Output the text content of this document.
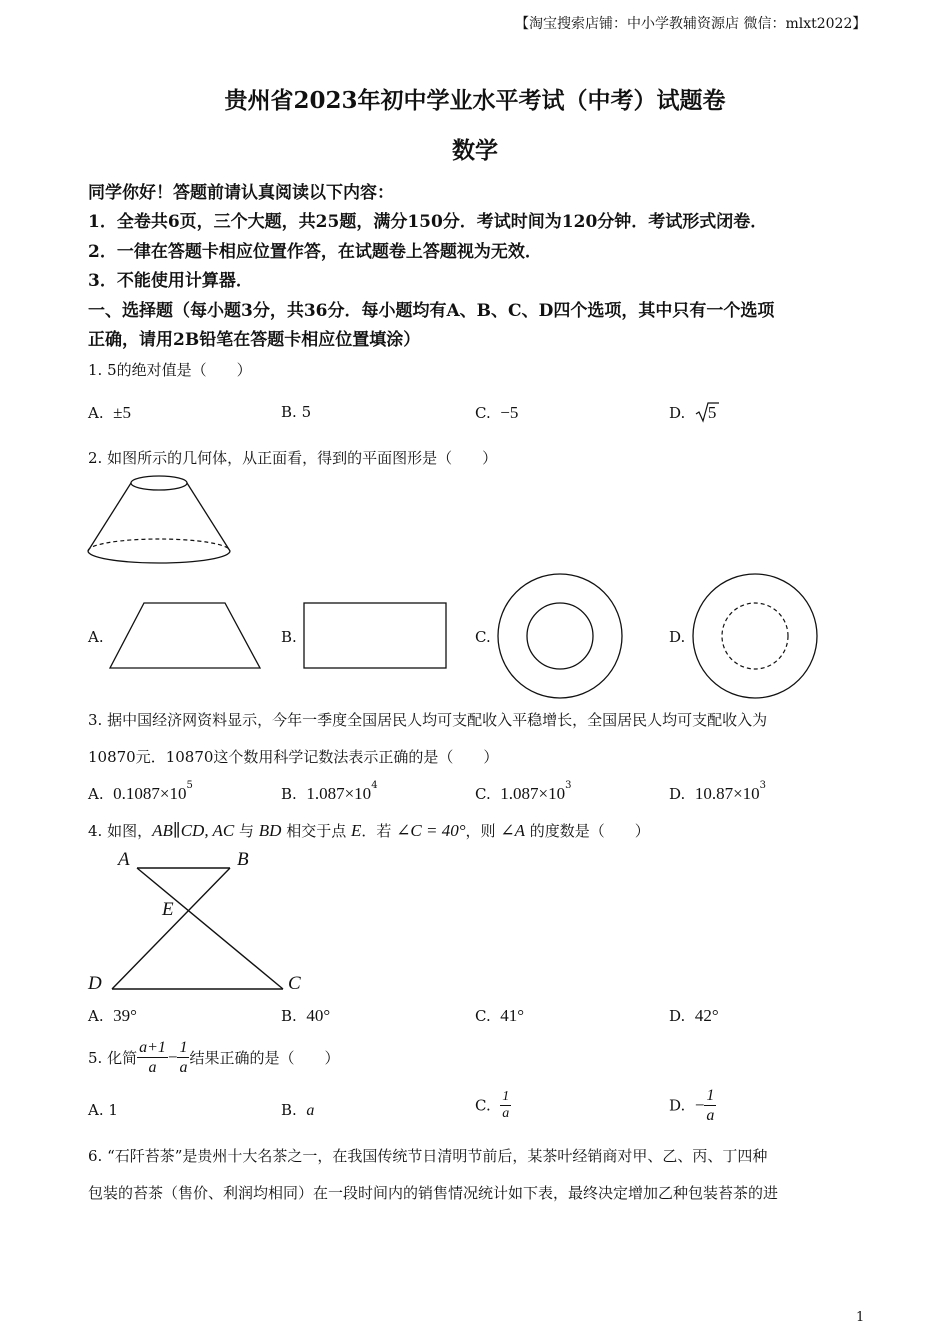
【淘宝搜索店铺：中小学教辅资源店 微信：mlxt2022】
贵州省2023年初中学业水平考试（中考）试题卷
数学
同学你好！答题前请认真阅读以下内容：
1．全卷共6页，三个大题，共25题，满分150分．考试时间为120分钟．考试形式闭卷．
2．一律在答题卡相应位置作答，在试题卷上答题视为无效．
3．不能使用计算器．
一、选择题（每小题3分，共36分．每小题均有A、B、C、D四个选项，其中只有一个选项
正确，请用2B铅笔在答题卡相应位置填涂）
1. 5的绝对值是（　　）
A. ±5	B. 5	C. −5	D. 5
2. 如图所示的几何体，从正面看，得到的平面图形是（　　）
A.	B.	C.	D.
3. 据中国经济网资料显示，今年一季度全国居民人均可支配收入平稳增长，全国居民人均可支配收入为
10870元．10870这个数用科学记数法表示正确的是（　　）
A. $0.1087\times 10^5$	B. $1.087\times 10^4$	C. $1.087\times 10^3$	D. $10.87\times 10^3$
4. 如图，AB∥CD, AC 与 BD 相交于点 E．若 ∠C = 40°，则 ∠A 的度数是（　　）
A	B
E
D	C
A. 39°	B. 40°	C. 41°	D. 42°
5. 化简 $\frac{a+1}{a} - \frac{1}{a}$ 结果正确的是（　　）
A. 1	B. a	C. $\frac{1}{a}$	D. − $\frac{1}{a}$
6. “石阡苔茶”是贵州十大名茶之一，在我国传统节日清明节前后，某茶叶经销商对甲、乙、丙、丁四种
包装的苔茶（售价、利润均相同）在一段时间内的销售情况统计如下表，最终决定增加乙种包装苔茶的进
1
